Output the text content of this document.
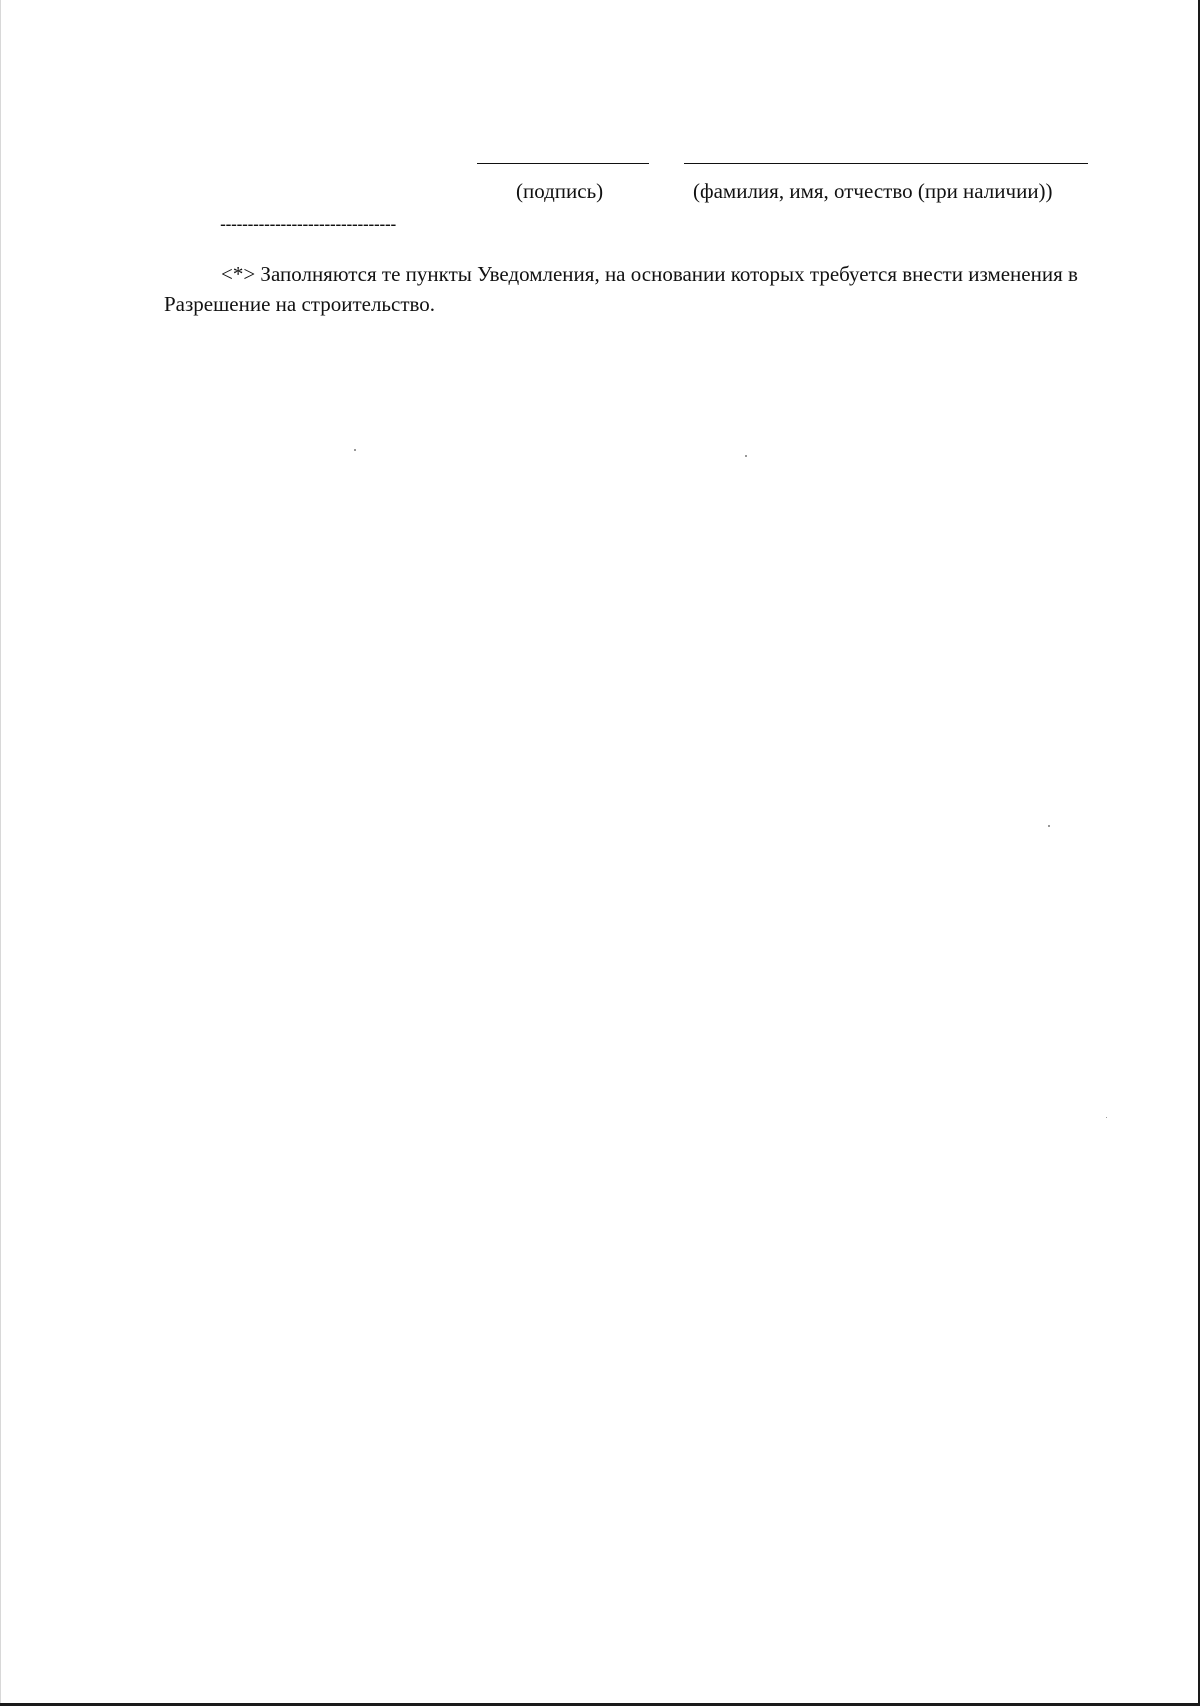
(подпись)	(фамилия, имя, отчество (при наличии))
--------------------------------
<*> Заполняются те пункты Уведомления, на основании которых требуется внести изменения в Разрешение на строительство.
